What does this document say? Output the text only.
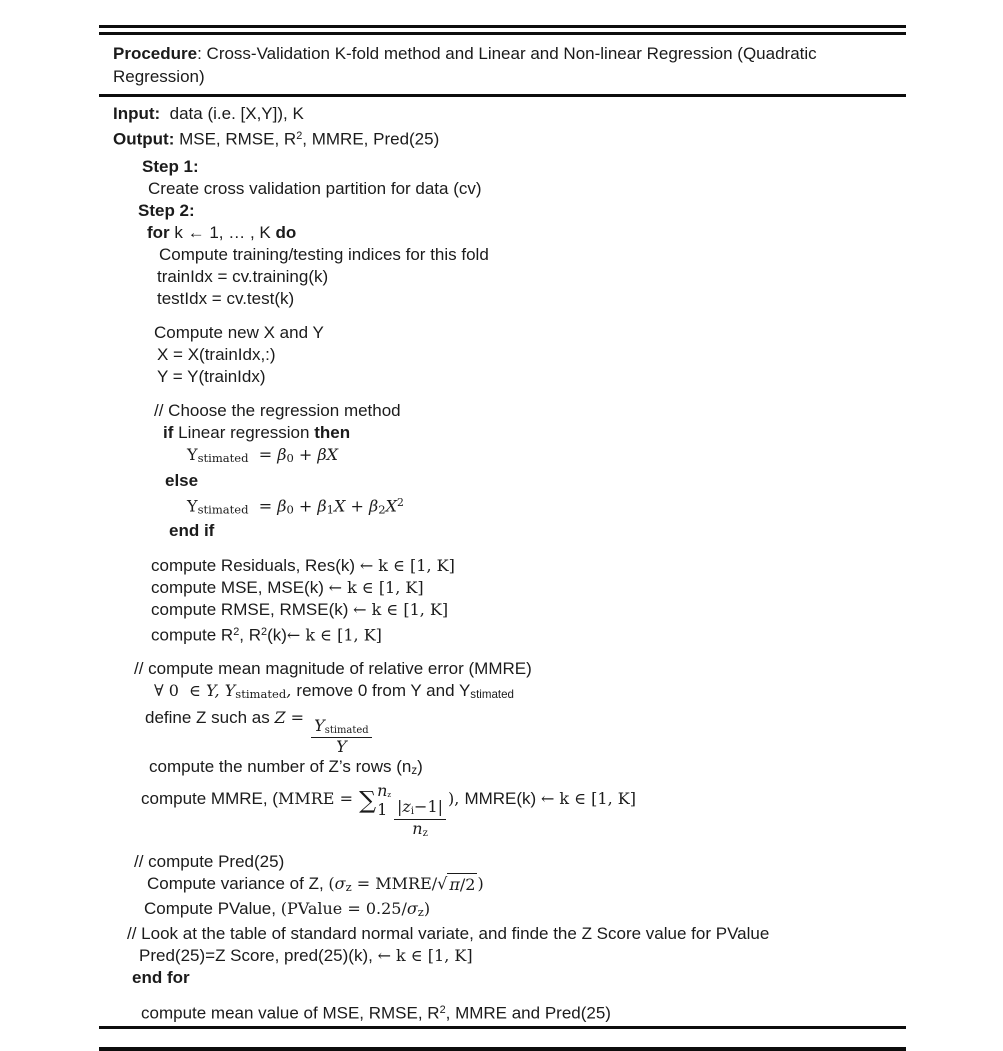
Procedure: Cross-Validation K-fold method and Linear and Non-linear Regression (Quadratic Regression)
Input:  data (i.e. [X,Y]), K
Output: MSE, RMSE, $R^2$, MMRE, Pred(25)
Step 1:
Create cross validation partition for data (cv)
Step 2:
for k ← 1, … , K do
Compute training/testing indices for this fold
trainIdx = cv.training(k)
testIdx = cv.test(k)
Compute new X and Y
X = X(trainIdx,:)
Y = Y(trainIdx)
// Choose the regression method
if Linear regression then
Ystimated  = β0 + βX
else
Ystimated  = $\beta 0 + \beta 1X + \beta 2X^2$
end if
compute Residuals, Res(k) ← k ∈ [1, K]
compute MSE, MSE(k) ← k ∈ [1, K]
compute RMSE, RMSE(k) ← k ∈ [1, K]
compute $R^2$, $R^2(k)\leftarrow$ k ∈ [1, K]
// compute mean magnitude of relative error (MMRE)
∀ 0  ∈ Y, Ystimated, remove 0 from Y and Ystimated
define Z such as Z =
$\frac{\text{Ystimated}}{Y}$
compute the number of Z’s rows (nz)
compute MMRE, (MMRE = ∑ nz
$1 \frac{|zi-1|}{nz}$
), MMRE(k) ← k ∈ [1, K]
// compute Pred(25)
Compute variance of Z, (σz = MMRE/ √ π/2 )
Compute PValue, (PValue = 0.25/σz)
// Look at the table of standard normal variate, and finde the Z Score value for PValue
Pred(25)=Z Score, pred(25)(k), ← k ∈ [1, K]
end for
compute mean value of MSE, RMSE, $R^2$, MMRE and Pred(25)
